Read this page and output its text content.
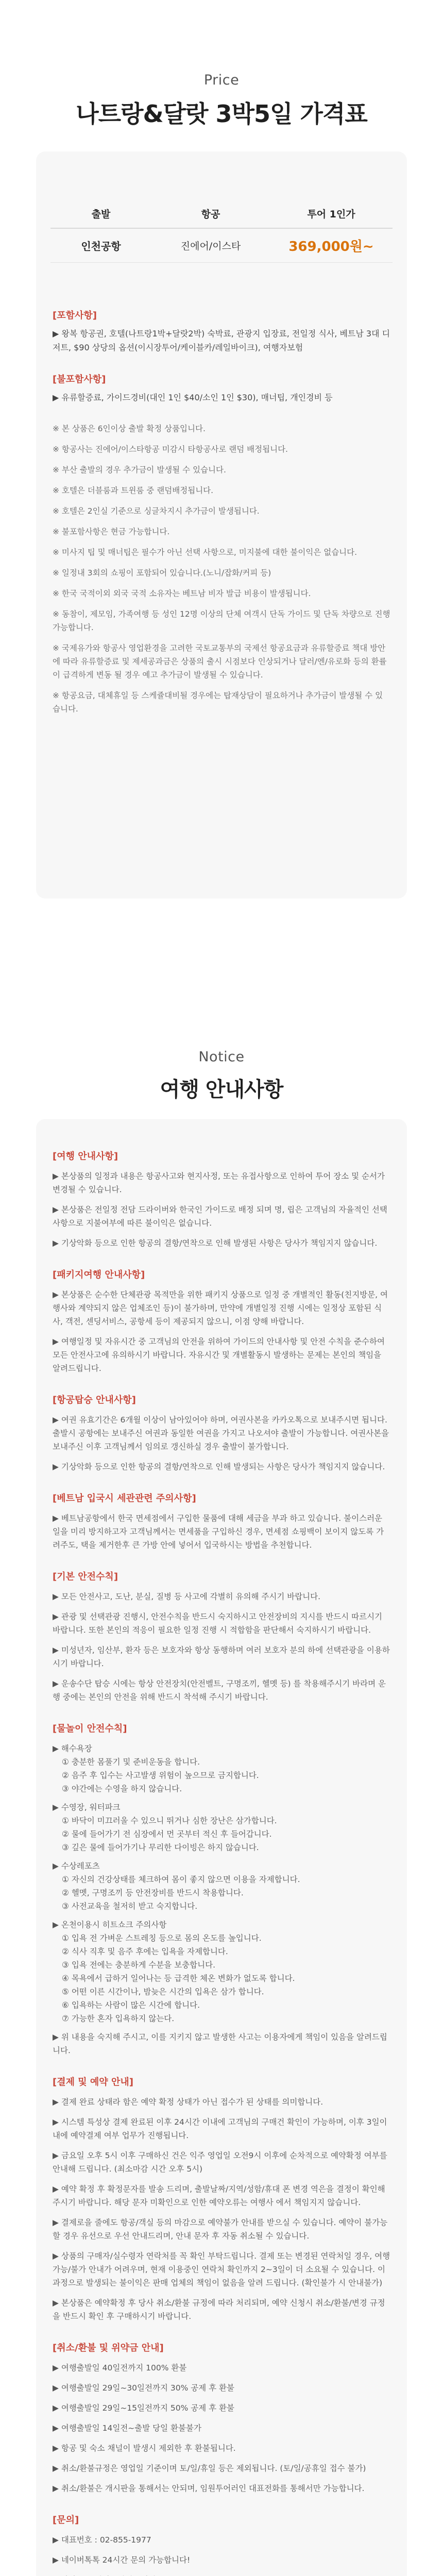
Price
나트랑&달랏 3박5일 가격표
출발	항공	투어 1인가
인천공항	진에어/이스타	369,000원~
[포함사항]
▶ 왕복 항공권, 호텔(나트랑1박+달랏2박) 숙박료, 관광지 입장료, 전일정 식사, 베트남 3대 디저트, $90 상당의 옵션(이시장투어/케이블카/레일바이크), 여행자보험
[불포함사항]
▶ 유류할증료, 가이드경비(대인 1인 $40/소인 1인 $30), 매너팁, 개인경비 등
※ 본 상품은 6인이상 출발 확정 상품입니다.
※ 항공사는 진에어/이스타항공 미감시 타항공사로 랜덤 배정됩니다.
※ 부산 출발의 경우 추가금이 발생될 수 있습니다.
※ 호텔은 더블룸과 트윈룸 중 랜덤배정됩니다.
※ 호텔은 2인실 기준으로 싱글차지시 추가금이 발생됩니다.
※ 불포함사항은 현금 가능합니다.
※ 미사지 팁 및 매너팁은 필수가 아닌 선택 사항으로, 미지불에 대한 불이익은 없습니다.
※ 일정내 3회의 쇼핑이 포함되어 있습니다.(노니/잡화/커피 등)
※ 한국 국적이외 외국 국적 소유자는 베트남 비자 발급 비용이 발생됩니다.
※ 동참이, 제모임, 가족여행 등 성인 12명 이상의 단체 여객시 단독 가이드 및 단독 차량으로 진행 가능합니다.
※ 국제유가와 항공사 영업환경을 고려한 국토교통부의 국제선 항공요금과 유류할증료 책대 방안에 따라 유류할증료 및 제세공과금은 상품의 출시 시점보다 인상되거나 달러/엔/유로화 등의 환률이 급격하게 변동 될 경우 예고 추가금이 발생될 수 있습니다.
※ 항공요금, 대체휴일 등 스케쥴대비될 경우에는 탑재상담이 필요하거나 추가금이 발생될 수 있습니다.
Notice
여행 안내사항
[여행 안내사항]
▶ 본상품의 일정과 내용은 항공사고와 현지사정, 또는 유접사항으로 인하여 투어 장소 및 순서가 변경될 수 있습니다.
▶ 본상품은 전일정 전담 드라이버와 한국인 가이드로 배정 되며 명, 립은 고객님의 자율적인 선택사항으로 지불여부에 따른 불이익은 없습니다.
▶ 기상악화 등으로 인한 항공의 결항/연착으로 인해 발생된 사항은 당사가 책임지지 않습니다.
[패키지여행 안내사항]
▶ 본상품은 순수한 단체관광 목적만을 위한 패키지 상품으로 일정 중 개별적인 활동(친지방문, 여행사와 계약되지 않은 업체조인 등)이 불가하며, 만약에 개별일정 진행 시에는 일정상 포함된 식사, 객전, 센딩서비스, 공항세 등이 제공되지 않으니, 이점 양해 바랍니다.
▶ 여행일정 및 자유시간 중 고객님의 안전을 위하여 가이드의 안내사항 및 안전 수칙을 준수하여 모든 안전사고에 유의하시기 바랍니다. 자유시간 및 개별활동시 발생하는 문제는 본인의 책임을 알려드립니다.
[항공탑승 안내사항]
▶ 여권 유효기간은 6개월 이상이 남아있어야 하며, 여권사본을 카카오톡으로 보내주시면 됩니다. 출발시 공항에는 보내주신 여권과 동일한 여권을 가지고 나오셔야 출발이 가능합니다. 여권사본을 보내주신 이후 고객님께서 임의로 갱신하실 경우 출발이 불가합니다.
▶ 기상악화 등으로 인한 항공의 결항/연착으로 인해 발생되는 사항은 당사가 책임지지 않습니다.
[베트남 입국시 세관관련 주의사항]
▶ 베트남공항에서 한국 면세점에서 구입한 물품에 대해 세금을 부과 하고 있습니다. 불이스러운 일을 미리 방지하고자 고객님께서는 면세품을 구입하신 경우, 면세점 쇼핑백이 보이지 않도록 가려주도, 택을 제거한후 큰 가방 안에 넣어서 입국하시는 방법을 추천합니다.
[기본 안전수칙]
▶ 모든 안전사고, 도난, 분실, 질병 등 사고에 각별히 유의해 주시기 바랍니다.
▶ 관광 및 선택관광 진행시, 안전수칙을 반드시 숙지하시고 안전장비의 지시를 반드시 따르시기 바랍니다. 또한 본인의 적응이 필요한 일정 진행 시 적합함을 판단해서 숙지하시기 바랍니다.
▶ 미성년자, 임산부, 환자 등은 보호자와 항상 동행하며 여러 보호자 분의 하에 선택관광을 이용하시기 바랍니다.
▶ 운송수단 탑승 시에는 항상 안전장치(안전벨트, 구명조끼, 헬멧 등) 를 착용해주시기 바라며 운행 중에는 본인의 안전을 위해 반드시 착석해 주시기 바랍니다.
[물놀이 안전수칙]
▶ 해수욕장
① 충분한 몸풀기 및 준비운동을 합니다.
② 음주 후 입수는 사고발생 위험이 높으므로 금지합니다.
③ 야간에는 수영을 하지 않습니다.
▶ 수영장, 워터파크
① 바닥이 미끄러울 수 있으니 뛰거나 심한 장난은 삼가합니다.
② 물에 들어가기 전 심장에서 먼 곳부터 적신 후 들어갑니다.
③ 깊은 물에 들어가기나 무리한 다이빙은 하지 않습니다.
▶ 수상레포츠
① 자신의 건강상태를 체크하여 몸이 좋지 않으면 이용을 자제합니다.
② 헬멧, 구명조끼 등 안전장비를 반드시 착용합니다.
③ 사전교육을 철저히 받고 숙지합니다.
▶ 온천이용시 히트쇼크 주의사항
① 입욕 전 가벼운 스트레칭 등으로 몸의 온도를 높입니다.
② 식사 직후 및 음주 후에는 입욕을 자제합니다.
③ 입욕 전에는 충분하게 수분을 보충합니다.
④ 목욕에서 급하거 일어나는 등 급격한 체온 변화가 없도록 합니다.
⑤ 어떤 이른 시간이나, 밤늦은 시간의 입욕은 삼가 합니다.
⑥ 입욕하는 사람이 많은 시간에 합니다.
⑦ 가능한 혼자 입욕하지 않는다.
▶ 위 내용을 숙지해 주시고, 이를 지키지 않고 발생한 사고는 이용자에게 책임이 있음을 알려드립니다.
[결제 및 예약 안내]
▶ 결제 완료 상태라 함은 예약 확정 상태가 아닌 접수가 된 상태를 의미합니다.
▶ 시스템 특성상 결제 완료된 이후 24시간 이내에 고객님의 구매건 확인이 가능하며, 이후 3일이내에 예약결제 여부 업무가 진행됩니다.
▶ 금요일 오후 5시 이후 구매하신 건은 익주 영업일 오전9시 이후에 순차적으로 예약확정 여부를 안내해 드립니다. (최소마감 시간 오후 5시)
▶ 예약 확정 후 확정문자를 발송 드리며, 출발날짜/지역/성함/휴대 폰 변경 역은을 결정이 확인해 주시기 바랍니다. 해당 문자 미확인으로 인한 예약오류는 여행사 에서 책임지지 않습니다.
▶ 결제로을 줄에도 항공/객실 등의 마감으로 예약불가 안내를 받으실 수 있습니다. 예약이 불가능할 경우 유선으로 우선 안내드리며, 안내 문자 후 자동 취소될 수 있습니다.
▶ 상품의 구매자/실수령자 연락처를 꼭 확인 부탁드립니다. 결제 또는 변경된 연락처일 경우, 여행가능/불가 안내가 어려우며, 현재 이용중인 연락처 확인까지 2~3일이 더 소요될 수 있습니다. 이 과정으로 발생되는 불이익은 판매 업체의 책임이 없음을 알려 드립니다. (확인불가 시 안내불가)
▶ 본상품은 예약확정 후 당사 취소/환불 규정에 따라 처리되며, 예약 신청시 취소/환불/변경 규정을 반드시 확인 후 구매하시기 바랍니다.
[취소/환불 및 위약금 안내]
▶ 여행출발일 40일전까지 100% 환불
▶ 여행출발일 29일~30일전까지 30% 공제 후 환불
▶ 여행출발일 29일~15일전까지 50% 공제 후 환불
▶ 여행출발일 14일전~출발 당일 환불불가
▶ 항공 및 숙소 채널이 발생시 제외한 후 환불됩니다.
▶ 취소/환불규정은 영업일 기준이며 토/일/휴일 등은 제외됩니다. (토/일/공휴일 접수 불가)
▶ 취소/환불은 개시판을 통해서는 안되며, 임원투어러인 대표전화를 통해서만 가능합니다.
[문의]
▶ 대표번호 : 02-855-1977
▶ 네이버톡톡 24시간 문의 가능합니다!
